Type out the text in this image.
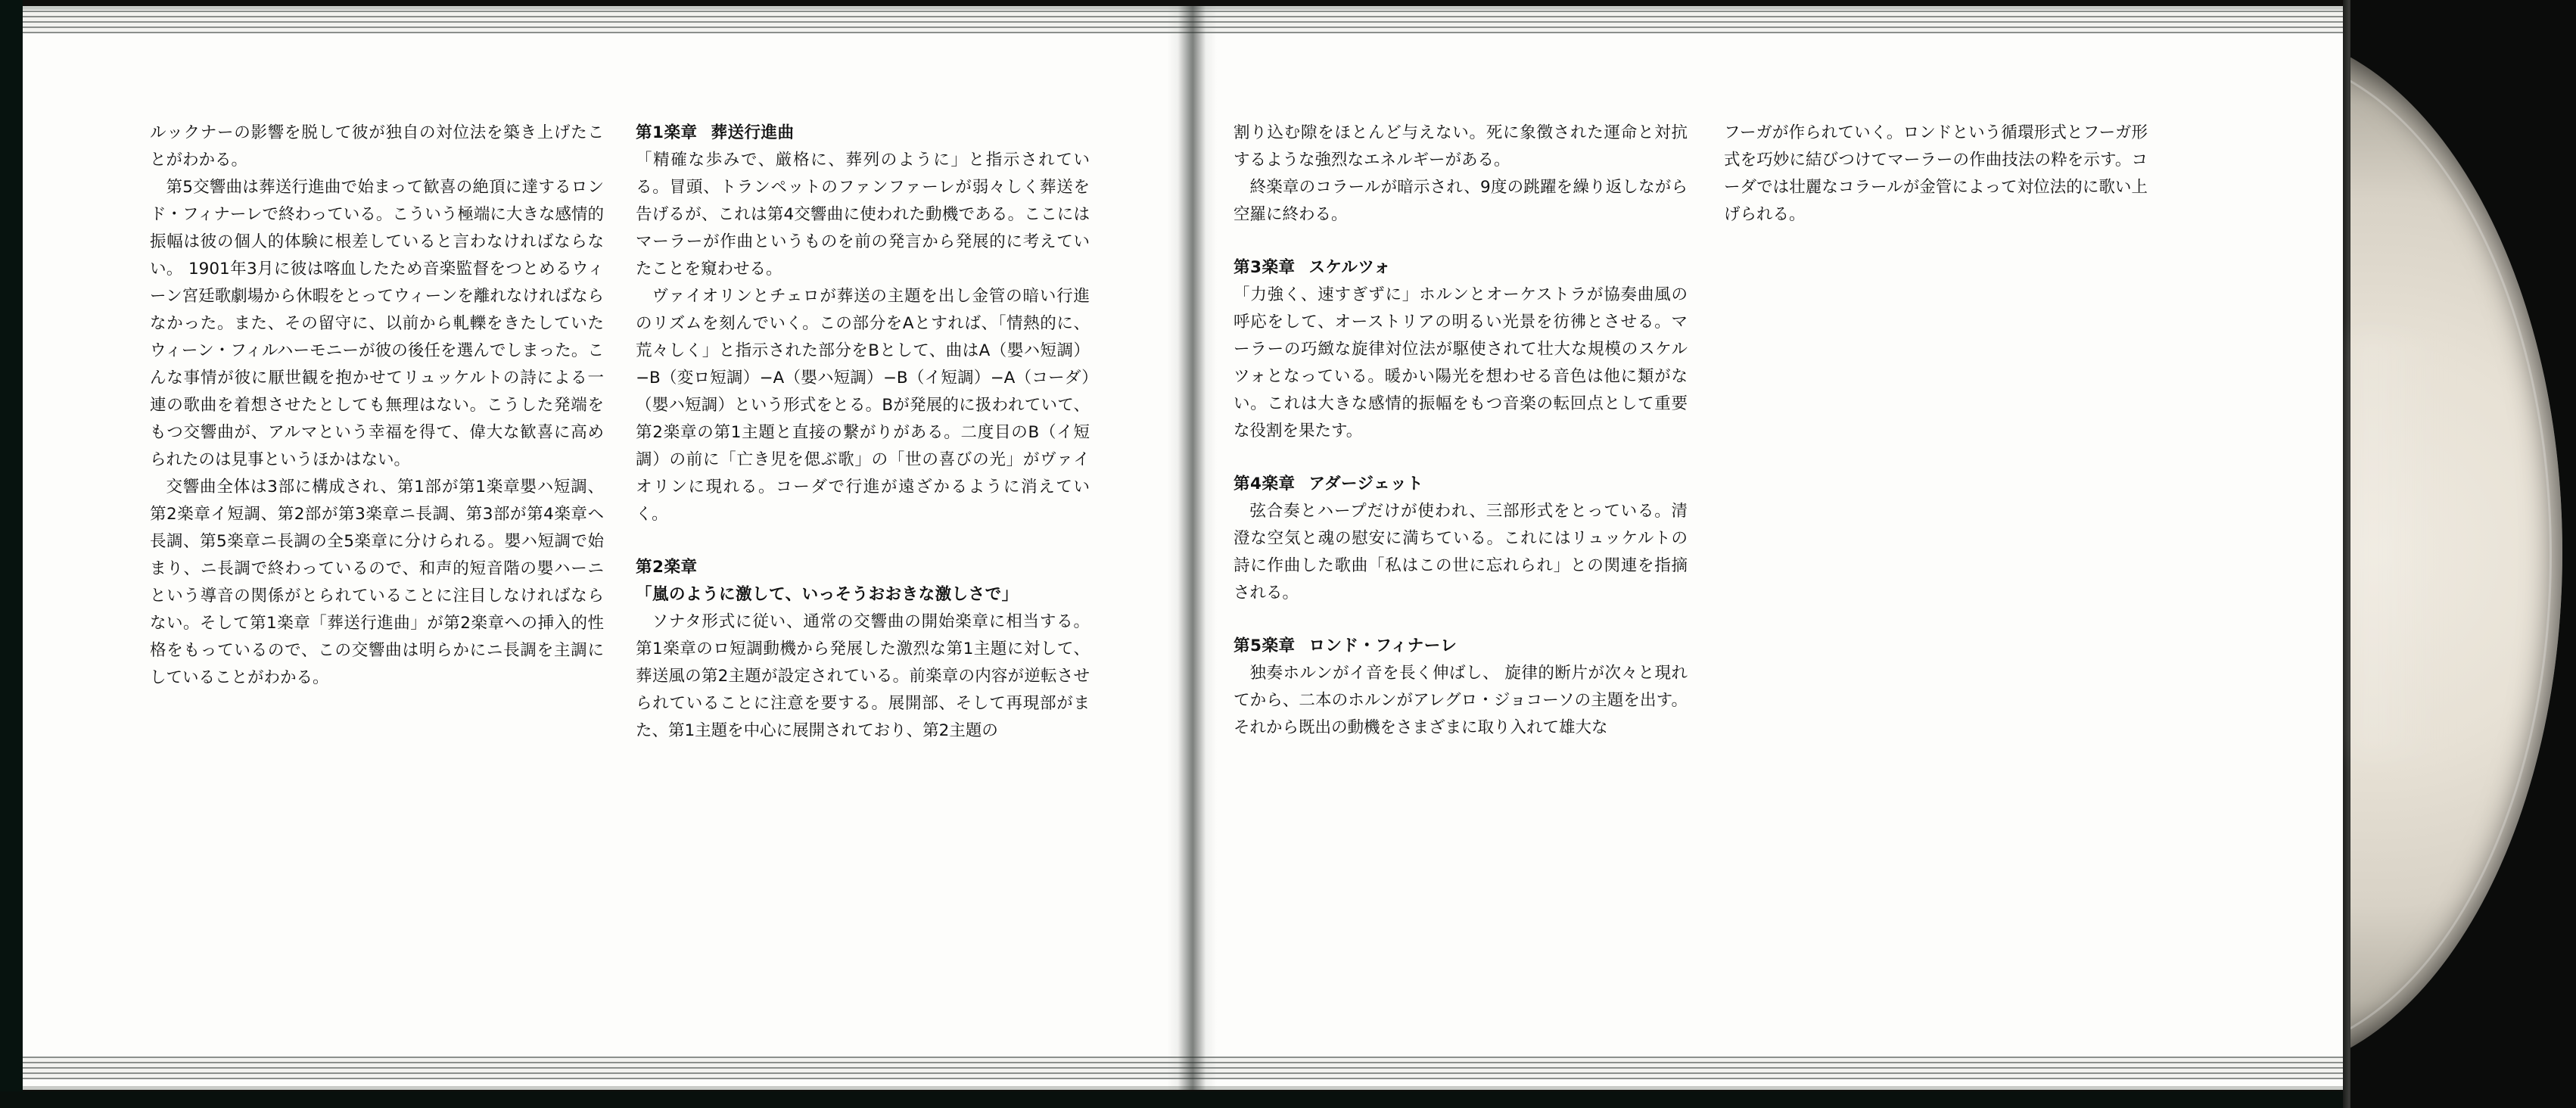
ルックナーの影響を脱して彼が独自の対位法を築き上げたことがわかる。

第5交響曲は葬送行進曲で始まって歓喜の絶頂に達するロンド・フィナーレで終わっている。こういう極端に大きな感情的振幅は彼の個人的体験に根差していると言わなければならない。 1901年3月に彼は喀血したため音楽監督をつとめるウィーン宮廷歌劇場から休暇をとってウィーンを離れなければならなかった。また、その留守に、以前から軋轢をきたしていたウィーン・フィルハーモニーが彼の後任を選んでしまった。こんな事情が彼に厭世観を抱かせてリュッケルトの詩による一連の歌曲を着想させたとしても無理はない。こうした発端をもつ交響曲が、アルマという幸福を得て、偉大な歓喜に高められたのは見事というほかはない。

交響曲全体は3部に構成され、第1部が第1楽章嬰ハ短調、第2楽章イ短調、第2部が第3楽章ニ長調、第3部が第4楽章ヘ長調、第5楽章ニ長調の全5楽章に分けられる。嬰ハ短調で始まり、ニ長調で終わっているので、和声的短音階の嬰ハーニという導音の関係がとられていることに注目しなければならない。そして第1楽章「葬送行進曲」が第2楽章への挿入的性格をもっているので、この交響曲は明らかにニ長調を主調にしていることがわかる。

第1楽章 葬送行進曲

「精確な歩みで、厳格に、葬列のように」と指示されている。冒頭、トランペットのファンファーレが弱々しく葬送を告げるが、これは第4交響曲に使われた動機である。ここにはマーラーが作曲というものを前の発言から発展的に考えていたことを窺わせる。

ヴァイオリンとチェロが葬送の主題を出し金管の暗い行進のリズムを刻んでいく。この部分をAとすれば、「情熱的に、荒々しく」と指示された部分をBとして、曲はA（嬰ハ短調）−B（変ロ短調）−A（嬰ハ短調）−B（イ短調）−A（コーダ）（嬰ハ短調）という形式をとる。Bが発展的に扱われていて、第2楽章の第1主題と直接の繋がりがある。二度目のB（イ短調）の前に「亡き児を偲ぶ歌」の「世の喜びの光」がヴァイオリンに現れる。コーダで行進が遠ざかるように消えていく。

第2楽章

「嵐のように激して、いっそうおおきな激しさで」

ソナタ形式に従い、通常の交響曲の開始楽章に相当する。第1楽章のロ短調動機から発展した激烈な第1主題に対して、葬送風の第2主題が設定されている。前楽章の内容が逆転させられていることに注意を要する。展開部、そして再現部がまた、第1主題を中心に展開されており、第2主題の

割り込む隙をほとんど与えない。死に象徴された運命と対抗するような強烈なエネルギーがある。

終楽章のコラールが暗示され、9度の跳躍を繰り返しながら空羅に終わる。

第3楽章 スケルツォ

「力強く、速すぎずに」ホルンとオーケストラが協奏曲風の呼応をして、オーストリアの明るい光景を彷彿とさせる。マーラーの巧緻な旋律対位法が駆使されて壮大な規模のスケルツォとなっている。暖かい陽光を想わせる音色は他に類がない。これは大きな感情的振幅をもつ音楽の転回点として重要な役割を果たす。

第4楽章 アダージェット

弦合奏とハープだけが使われ、三部形式をとっている。清澄な空気と魂の慰安に満ちている。これにはリュッケルトの詩に作曲した歌曲「私はこの世に忘れられ」との関連を指摘される。

第5楽章 ロンド・フィナーレ

独奏ホルンがイ音を長く伸ばし、 旋律的断片が次々と現れてから、二本のホルンがアレグロ・ジョコーソの主題を出す。それから既出の動機をさまざまに取り入れて雄大な

フーガが作られていく。ロンドという循環形式とフーガ形式を巧妙に結びつけてマーラーの作曲技法の粋を示す。コーダでは壮麗なコラールが金管によって対位法的に歌い上げられる。
